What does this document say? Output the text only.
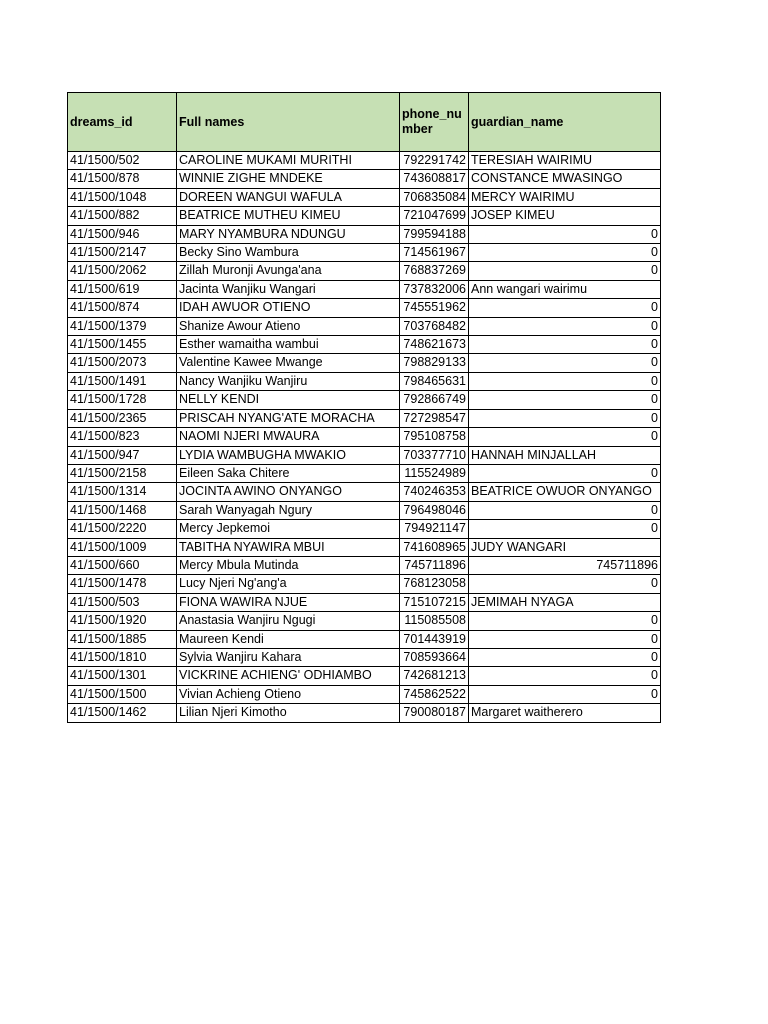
dreams_id	Full names	phone_number	guardian_name
41/1500/502	CAROLINE MUKAMI MURITHI	792291742	TERESIAH WAIRIMU
41/1500/878	WINNIE ZIGHE MNDEKE	743608817	CONSTANCE MWASINGO
41/1500/1048	DOREEN WANGUI WAFULA	706835084	MERCY WAIRIMU
41/1500/882	BEATRICE MUTHEU KIMEU	721047699	JOSEP KIMEU
41/1500/946	MARY NYAMBURA NDUNGU	799594188	0
41/1500/2147	Becky Sino Wambura	714561967	0
41/1500/2062	Zillah Muronji Avunga'ana	768837269	0
41/1500/619	Jacinta Wanjiku Wangari	737832006	Ann wangari wairimu
41/1500/874	IDAH AWUOR OTIENO	745551962	0
41/1500/1379	Shanize Awour Atieno	703768482	0
41/1500/1455	Esther wamaitha wambui	748621673	0
41/1500/2073	Valentine Kawee Mwange	798829133	0
41/1500/1491	Nancy Wanjiku Wanjiru	798465631	0
41/1500/1728	NELLY KENDI	792866749	0
41/1500/2365	PRISCAH NYANG'ATE MORACHA	727298547	0
41/1500/823	NAOMI NJERI MWAURA	795108758	0
41/1500/947	LYDIA WAMBUGHA MWAKIO	703377710	HANNAH MINJALLAH
41/1500/2158	Eileen Saka Chitere	115524989	0
41/1500/1314	JOCINTA AWINO ONYANGO	740246353	BEATRICE OWUOR ONYANGO
41/1500/1468	Sarah Wanyagah Ngury	796498046	0
41/1500/2220	Mercy Jepkemoi	794921147	0
41/1500/1009	TABITHA NYAWIRA MBUI	741608965	JUDY WANGARI
41/1500/660	Mercy Mbula Mutinda	745711896	745711896
41/1500/1478	Lucy Njeri Ng'ang'a	768123058	0
41/1500/503	FIONA WAWIRA NJUE	715107215	JEMIMAH NYAGA
41/1500/1920	Anastasia Wanjiru Ngugi	115085508	0
41/1500/1885	Maureen Kendi	701443919	0
41/1500/1810	Sylvia Wanjiru Kahara	708593664	0
41/1500/1301	VICKRINE ACHIENG' ODHIAMBO	742681213	0
41/1500/1500	Vivian Achieng Otieno	745862522	0
41/1500/1462	Lilian Njeri Kimotho	790080187	Margaret waitherero
